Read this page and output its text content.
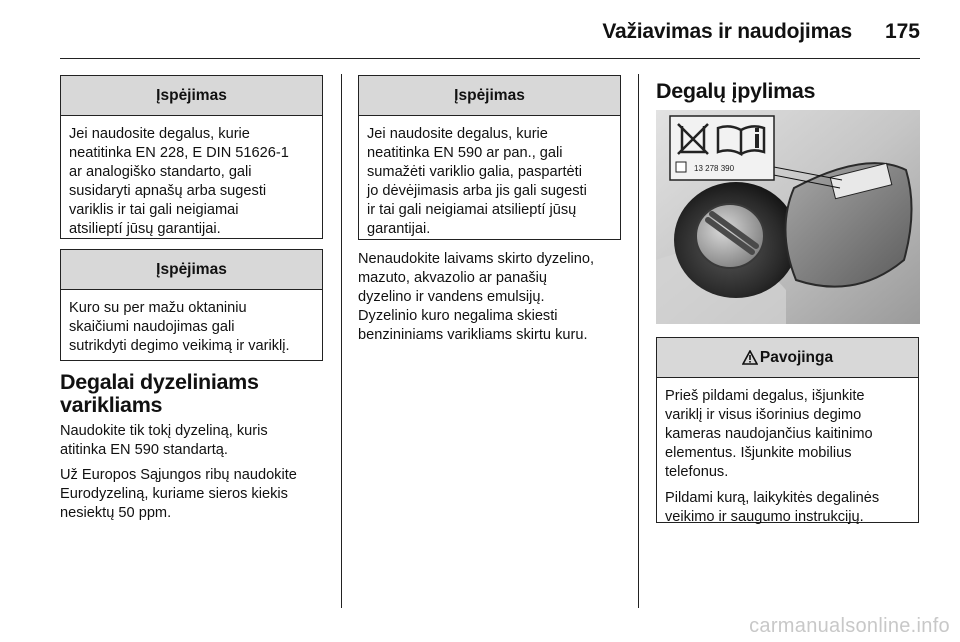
Važiavimas ir naudojimas 175
Įspėjimas
Jei naudosite degalus, kurie
neatitinka EN 228, E DIN 51626-1
ar analogiško standarto, gali
susidaryti apnašų arba sugesti
variklis ir tai gali neigiamai
atsilieptí jūsų garantijai.
Įspėjimas
Kuro su per mažu oktaniniu
skaičiumi naudojimas gali
sutrikdyti degimo veikimą ir variklį.
Degalai dyzeliniams
varikliams
Naudokite tik tokį dyzeliną, kuris
atitinka EN 590 standartą.
Už Europos Sąjungos ribų naudokite
Eurodyzeliną, kuriame sieros kiekis
nesiektų 50 ppm.
Įspėjimas
Jei naudosite degalus, kurie
neatitinka EN 590 ar pan., gali
sumažėti variklio galia, paspartėti
jo dėvėjimasis arba jis gali sugesti
ir tai gali neigiamai atsilieptí jūsų
garantijai.
Nenaudokite laivams skirto dyzelino,
mazuto, akvazolio ar panašių
dyzelino ir vandens emulsijų.
Dyzelinio kuro negalima skiesti
benzininiams varikliams skirtu kuru.
Degalų įpylimas
13 278 390
Pavojinga

Prieš pildami degalus, išjunkite
variklį ir visus išorinius degimo
kameras naudojančius kaitinimo
elementus. Išjunkite mobilius
telefonus.

Pildami kurą, laikykitės degalinės
veikimo ir saugumo instrukcijų.

carmanualsonline.info
